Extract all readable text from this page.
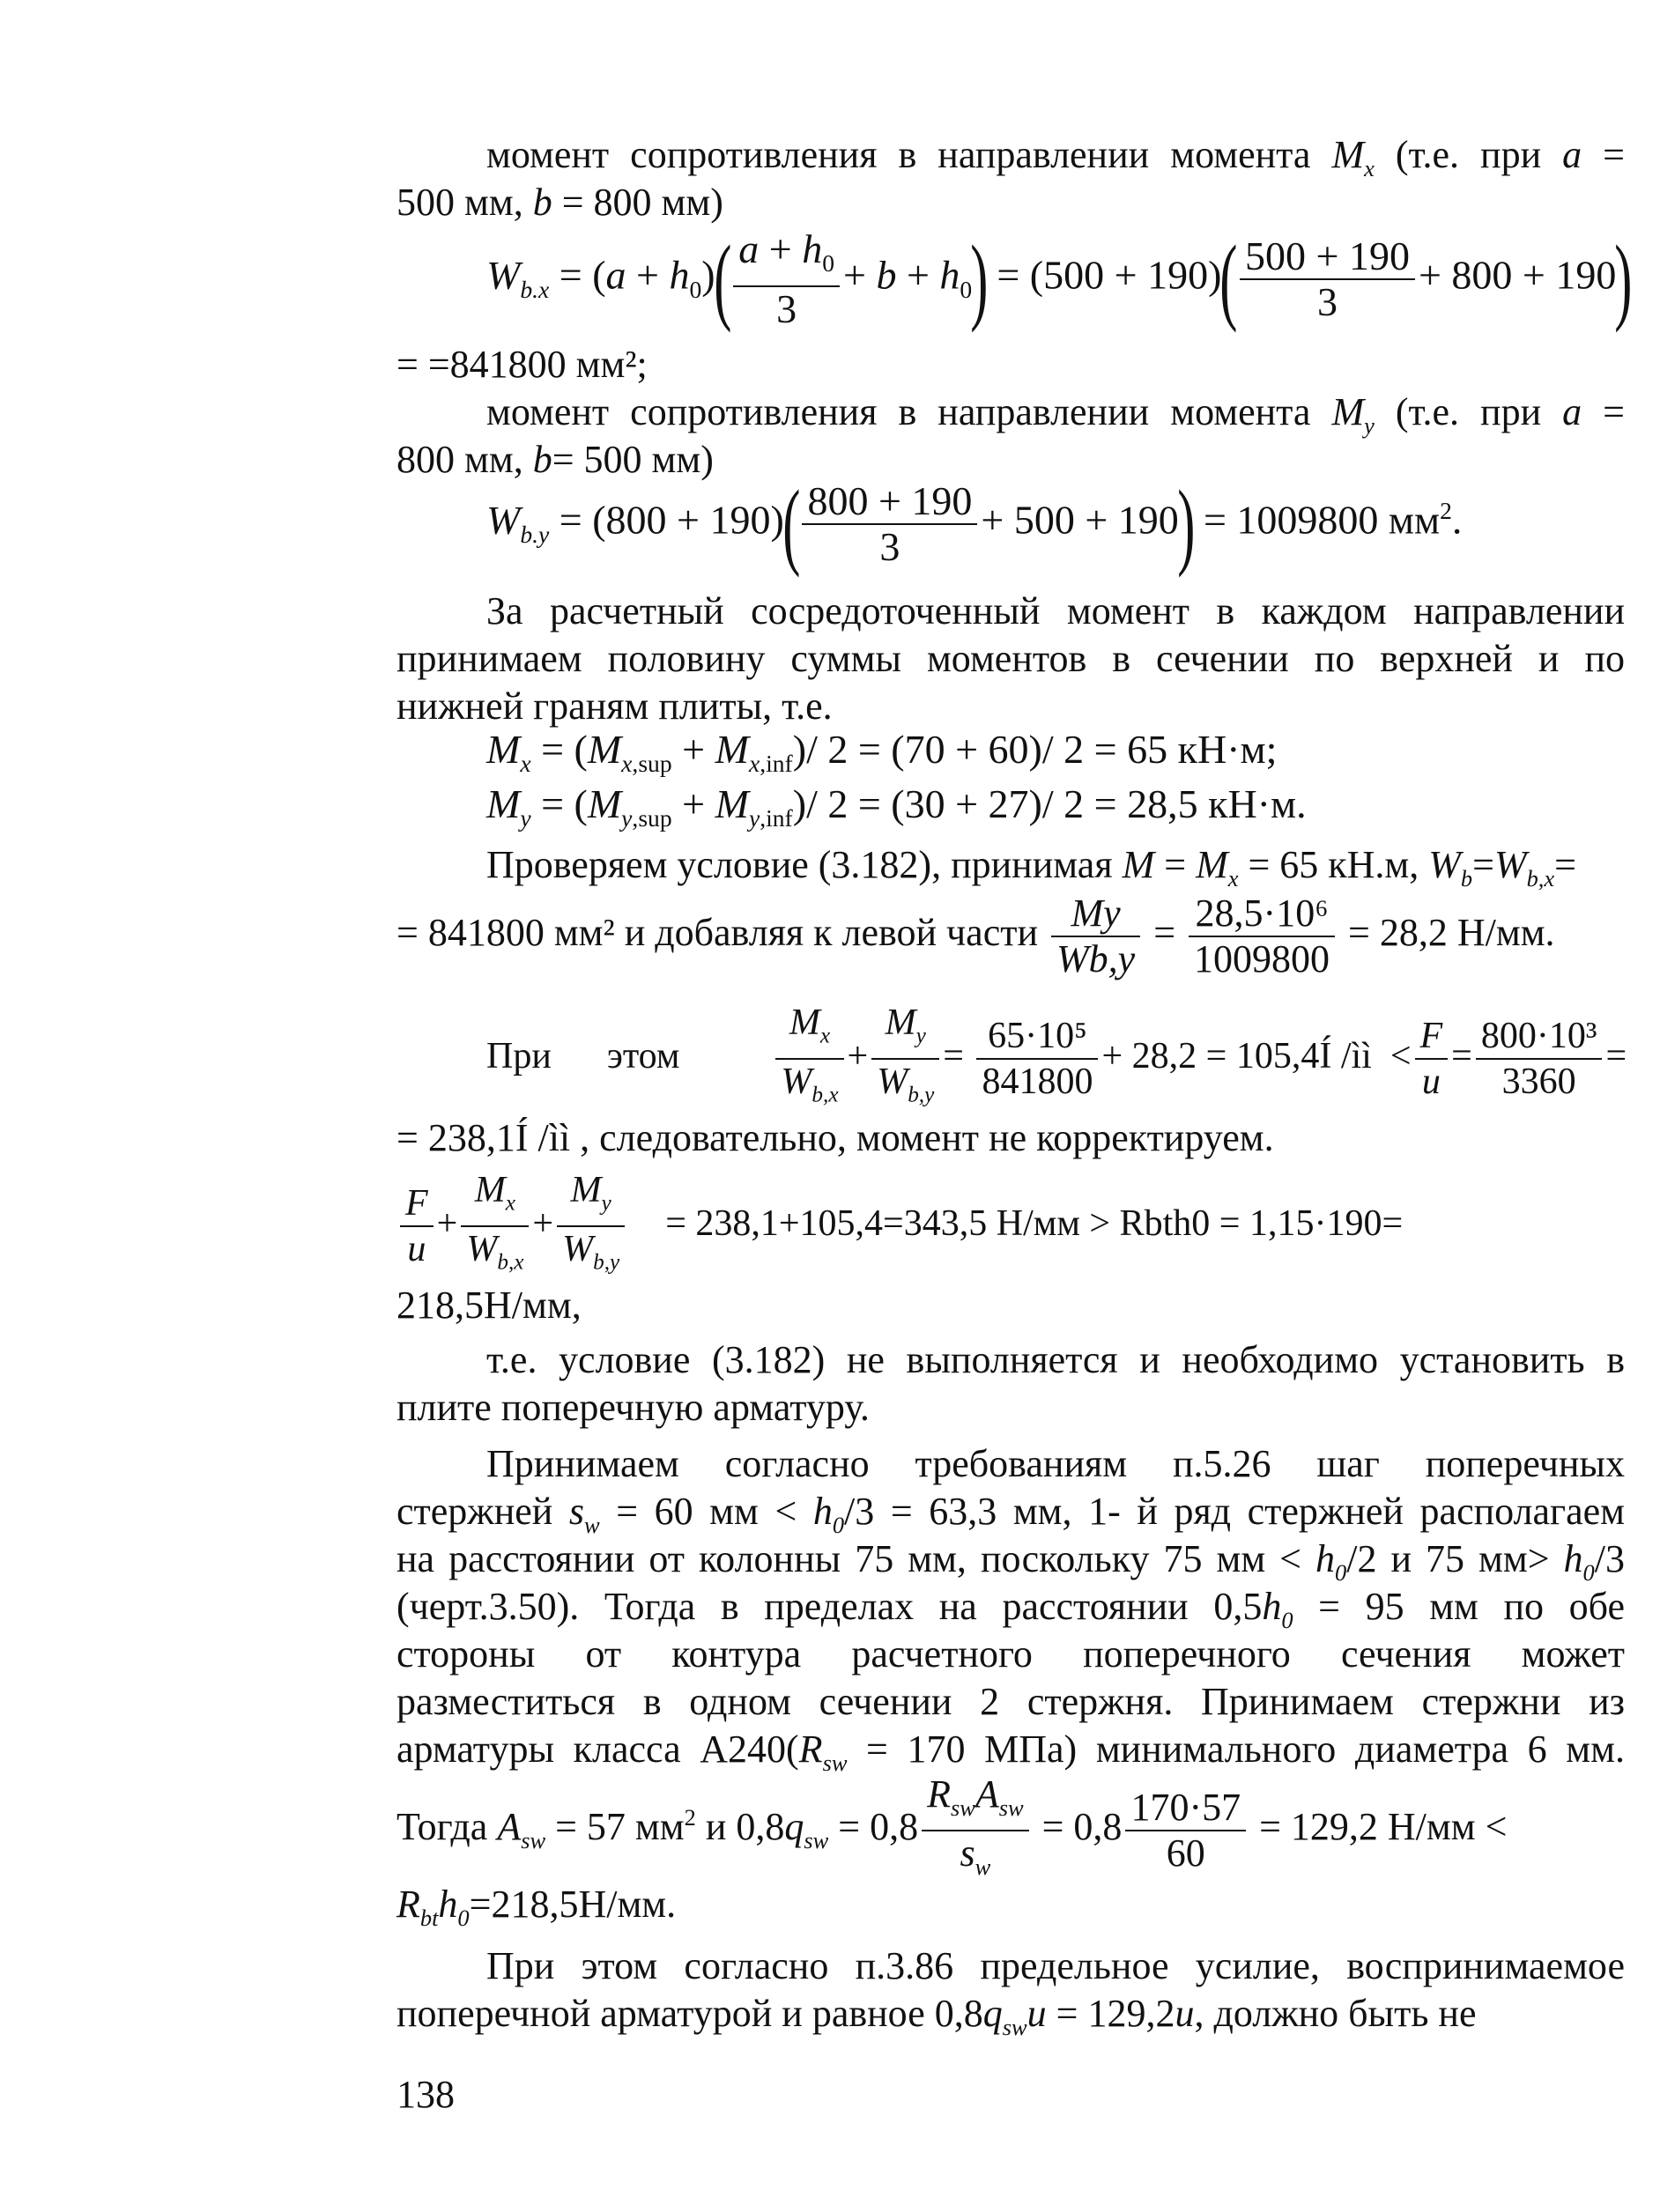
момент сопротивления в направлении момента $M_x$ (т.е. при a =
500 мм, b = 800 мм)
$W_{b.x} = (a + h_0)( \frac{a + h_0}{3} + b + h_0) = (500 + 190)( \frac{500 + 190}{3} + 800 + 190)$
= =841800 мм²;
момент сопротивления в направлении момента $M_y$ (т.е. при a =
800 мм, b= 500 мм)
$W_{b.y} = (800 + 190)( \frac{800 + 190}{3} + 500 + 190) = 1009800$ $мм^2$.
За расчетный сосредоточенный момент в каждом направлении
принимаем половину суммы моментов в сечении по верхней и по
нижней граням плиты, т.е.
$M_x = (M_{x,sup} + M_{x,inf})/$ 2 = (70 + 60)/ 2 = 65 кН·м;
$M_y = (M_{y,sup} + M_{y,inf})/$ 2 = (30 + 27)/ 2 = 28,5 кН·м.
Проверяем условие (3.182), принимая $M = M_x = 65$ кН.м, $W_b=W_{b,x}=$
= 841800 мм² и добавляя к левой части $\frac{My}{Wb,y} = \frac{\text{28,5·10⁶}}{1009800} = 28,2$ Н/мм.
При этом	$\frac{M_x}{W_{b,x}} + \frac{M_y}{W_{b,y}} = \frac{\text{65·10⁵}}{841800} + 28,2$ = 105,4Í /ìì  < $\frac{F}{u} = \frac{\text{800·10³}}{3360}$ =
= 238,1Í /ìì , следовательно, момент не корректируем.
$\frac{F}{u} + \frac{M_x}{W_{b,x}} + \frac{M_y}{W_{b,y}} = 238,1+105,4=343,5$ Н/мм > Rbth0 = 1,15·190=
218,5Н/мм,
т.е. условие (3.182) не выполняется и необходимо установить в
плите поперечную арматуру.
Принимаем согласно требованиям п.5.26 шаг поперечных
стержней $s_w = 60$ мм < $h_0/3 = 63,3$ мм, 1- й ряд стержней располагаем
на расстоянии от колонны 75 мм, поскольку 75 мм < $h_0/2$ и 75 $мм> h_0/3$
(черт.3.50). Тогда в пределах на расстоянии $0,5h_0 = 95$ мм по обе
стороны от контура расчетного поперечного сечения может
разместиться в одном сечении 2 стержня. Принимаем стержни из
арматуры класса $А240(R_{sw} = 170$ МПа) минимального диаметра 6 мм.
Тогда $A_{sw} = 57$ $мм^2$ и $0,8q_{sw} = 0,8 \frac{R_{sw}A_{sw}}{s_w} = 0,8 \frac{170\cdot 57}{60} = 129,2$ Н/мм <
$R_{bt}h_0=218,5Н/мм$.
При этом согласно п.3.86 предельное усилие, воспринимаемое
поперечной арматурой и равное $0,8q_{sw}u = 129,2u$, должно быть не
138
